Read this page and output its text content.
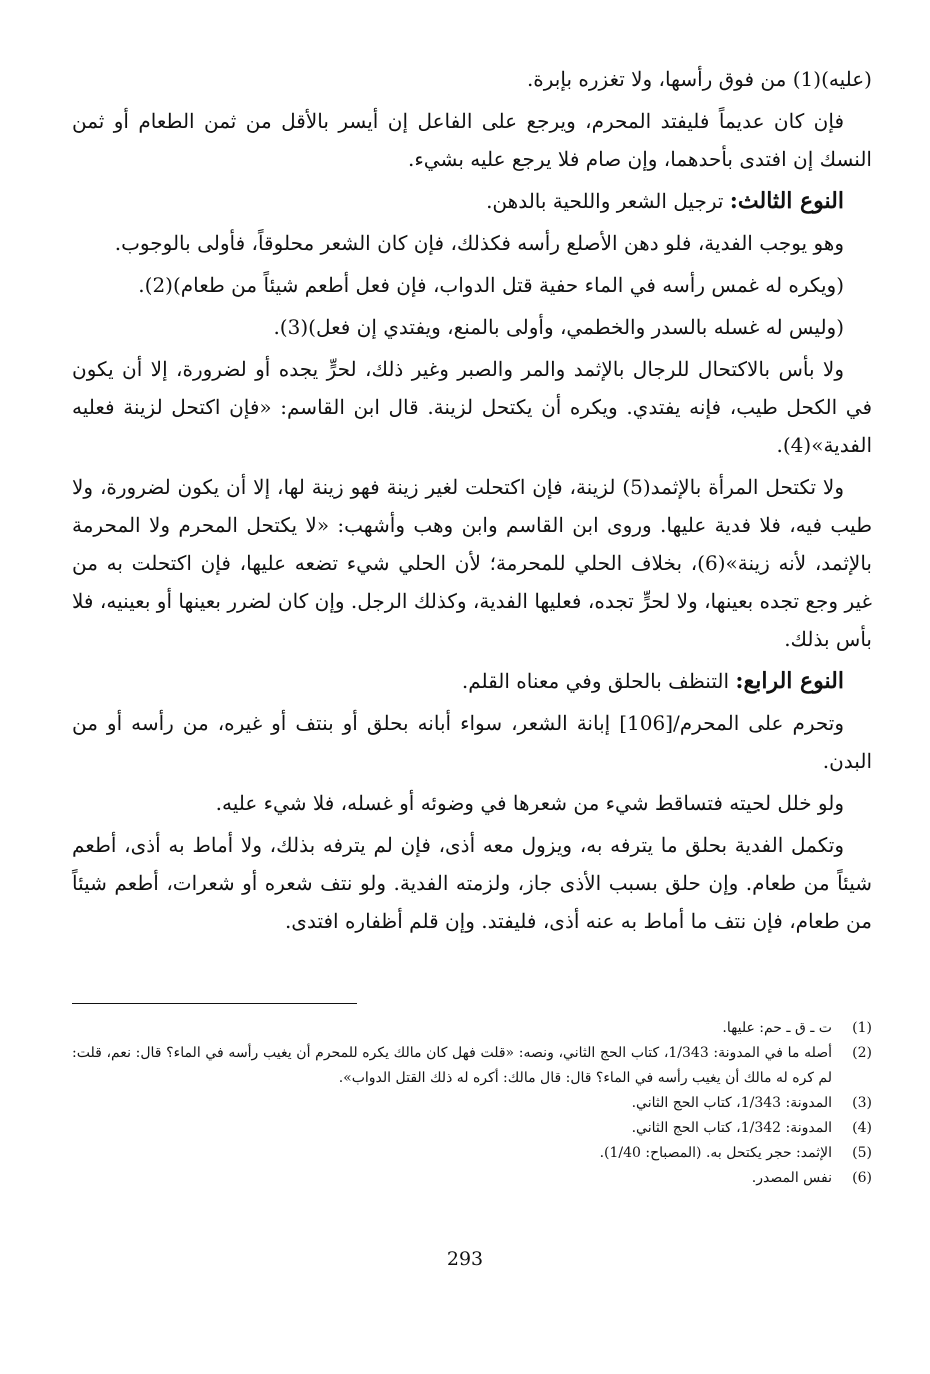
(عليه)(1) من فوق رأسها، ولا تغزره بإبرة.

فإن كان عديماً فليفتد المحرم، ويرجع على الفاعل إن أيسر بالأقل من ثمن الطعام أو ثمن النسك إن افتدى بأحدهما، وإن صام فلا يرجع عليه بشيء.

النوع الثالث: ترجيل الشعر واللحية بالدهن.

وهو يوجب الفدية، فلو دهن الأصلع رأسه فكذلك، فإن كان الشعر محلوقاً، فأولى بالوجوب.

(ويكره له غمس رأسه في الماء حفية قتل الدواب، فإن فعل أطعم شيئاً من طعام)(2).

(وليس له غسله بالسدر والخطمي، وأولى بالمنع، ويفتدي إن فعل)(3).

ولا بأس بالاكتحال للرجال بالإثمد والمر والصبر وغير ذلك، لحرٍّ يجده أو لضرورة، إلا أن يكون في الكحل طيب، فإنه يفتدي. ويكره أن يكتحل لزينة. قال ابن القاسم: «فإن اكتحل لزينة فعليه الفدية»(4).

ولا تكتحل المرأة بالإثمد(5) لزينة، فإن اكتحلت لغير زينة فهو زينة لها، إلا أن يكون لضرورة، ولا طيب فيه، فلا فدية عليها. وروى ابن القاسم وابن وهب وأشهب: «لا يكتحل المحرم ولا المحرمة بالإثمد، لأنه زينة»(6)، بخلاف الحلي للمحرمة؛ لأن الحلي شيء تضعه عليها، فإن اكتحلت به من غير وجع تجده بعينها، ولا لحرٍّ تجده، فعليها الفدية، وكذلك الرجل. وإن كان لضرر بعينها أو بعينيه، فلا بأس بذلك.

النوع الرابع: التنظف بالحلق وفي معناه القلم.

وتحرم على المحرم/[106] إبانة الشعر، سواء أبانه بحلق أو بنتف أو غيره، من رأسه أو من البدن.

ولو خلل لحيته فتساقط شيء من شعرها في وضوئه أو غسله، فلا شيء عليه.

وتكمل الفدية بحلق ما يترفه به، ويزول معه أذى، فإن لم يترفه بذلك، ولا أماط به أذى، أطعم شيئاً من طعام. وإن حلق بسبب الأذى جاز، ولزمته الفدية. ولو نتف شعره أو شعرات، أطعم شيئاً من طعام، فإن نتف ما أماط به عنه أذى، فليفتد. وإن قلم أظفاره افتدى.

(1)
ت ـ ق ـ حم: عليها.
(2)
أصله ما في المدونة: 1/343، كتاب الحج الثاني، ونصه: «قلت فهل كان مالك يكره للمحرم أن يغيب رأسه في الماء؟ قال: نعم، قلت: لم كره له مالك أن يغيب رأسه في الماء؟ قال: قال مالك: أكره له ذلك القتل الدواب».
(3)
المدونة: 1/343، كتاب الحج الثاني.
(4)
المدونة: 1/342، كتاب الحج الثاني.
(5)
الإثمد: حجر يكتحل به. (المصباح: 1/40).
(6)
نفس المصدر.
293
